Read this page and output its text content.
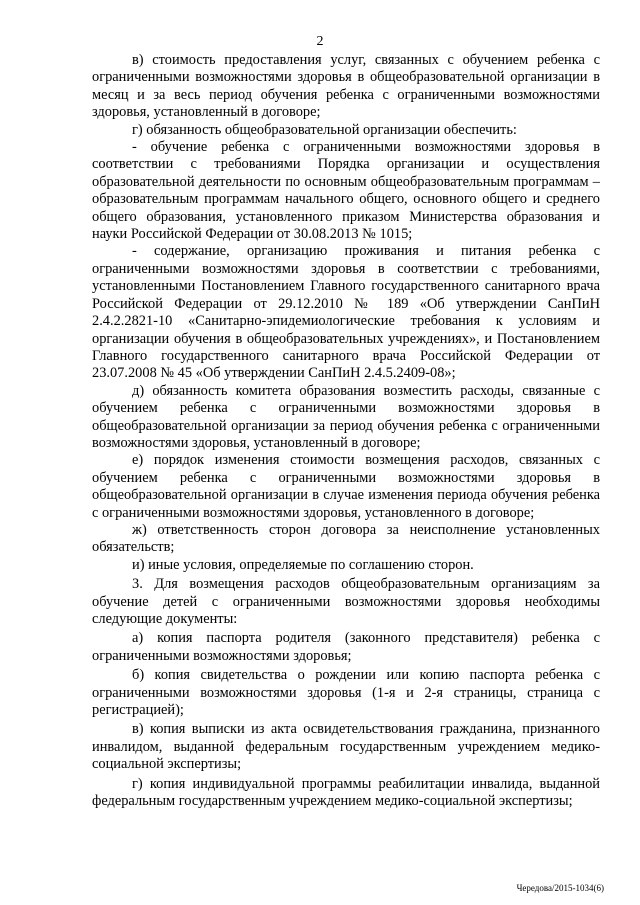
2

в) стоимость предоставления услуг, связанных с обучением ребенка с ограниченными возможностями здоровья в общеобразовательной организации в месяц и за весь период обучения ребенка с ограниченными возможностями здоровья, установленный в договоре;

г) обязанность общеобразовательной организации обеспечить:

- обучение ребенка с ограниченными возможностями здоровья в соответствии с требованиями Порядка организации и осуществления образовательной деятельности по основным общеобразовательным программам – образовательным программам начального общего, основного общего и среднего общего образования, установленного приказом Министерства образования и науки Российской Федерации от 30.08.2013 № 1015;

- содержание, организацию проживания и питания ребенка с ограниченными возможностями здоровья в соответствии с требованиями, установленными Постановлением Главного государственного санитарного врача Российской Федерации от 29.12.2010 № 189 «Об утверждении СанПиН 2.4.2.2821-10 «Санитарно-эпидемиологические требования к условиям и организации обучения в общеобразовательных учреждениях», и Постановлением Главного государственного санитарного врача Российской Федерации от 23.07.2008 № 45 «Об утверждении СанПиН 2.4.5.2409-08»;

д) обязанность комитета образования возместить расходы, связанные с обучением ребенка с ограниченными возможностями здоровья в общеобразовательной организации за период обучения ребенка с ограниченными возможностями здоровья, установленный в договоре;

е) порядок изменения стоимости возмещения расходов, связанных с обучением ребенка с ограниченными возможностями здоровья в общеобразовательной организации в случае изменения периода обучения ребенка с ограниченными возможностями здоровья, установленного в договоре;

ж) ответственность сторон договора за неисполнение установленных обязательств;

и) иные условия, определяемые по соглашению сторон.

3. Для возмещения расходов общеобразовательным организациям за обучение детей с ограниченными возможностями здоровья необходимы следующие документы:

а) копия паспорта родителя (законного представителя) ребенка с ограниченными возможностями здоровья;

б) копия свидетельства о рождении или копию паспорта ребенка с ограниченными возможностями здоровья (1-я и 2-я страницы, страница с регистрацией);

в) копия выписки из акта освидетельствования гражданина, признанного инвалидом, выданной федеральным государственным учреждением медико-социальной экспертизы;

г) копия индивидуальной программы реабилитации инвалида, выданной федеральным государственным учреждением медико-социальной экспертизы;

Чередова/2015-1034(6)
